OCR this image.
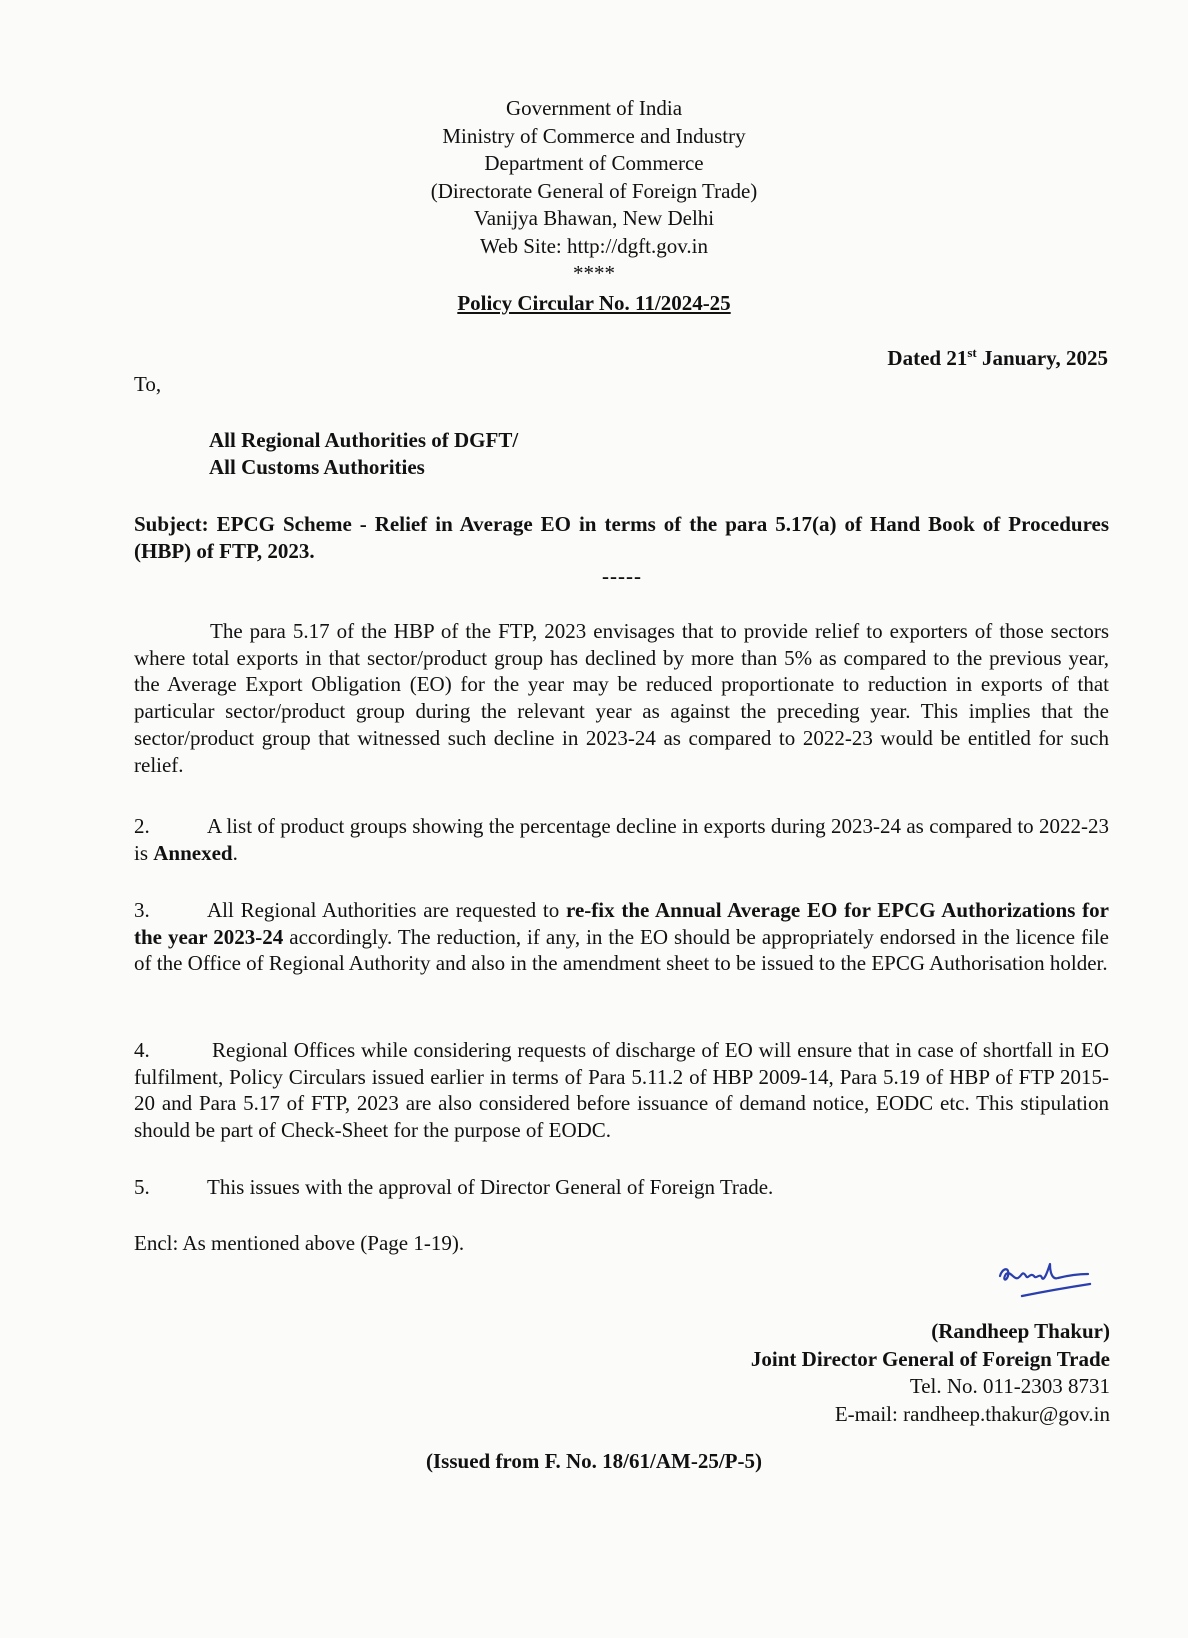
Government of India
Ministry of Commerce and Industry
Department of Commerce
(Directorate General of Foreign Trade)
Vanijya Bhawan, New Delhi
Web Site: http://dgft.gov.in
****
Policy Circular No. 11/2024-25
Dated 21st January, 2025
To,
All Regional Authorities of DGFT/
All Customs Authorities
Subject: EPCG Scheme - Relief in Average EO in terms of the para 5.17(a) of Hand Book of Procedures (HBP) of FTP, 2023.
-----
The para 5.17 of the HBP of the FTP, 2023 envisages that to provide relief to exporters of those sectors where total exports in that sector/product group has declined by more than 5% as compared to the previous year, the Average Export Obligation (EO) for the year may be reduced proportionate to reduction in exports of that particular sector/product group during the relevant year as against the preceding year. This implies that the sector/product group that witnessed such decline in 2023-24 as compared to 2022-23 would be entitled for such relief.
2.	A list of product groups showing the percentage decline in exports during 2023-24 as compared to 2022-23 is Annexed.
3.	All Regional Authorities are requested to re-fix the Annual Average EO for EPCG Authorizations for the year 2023-24 accordingly. The reduction, if any, in the EO should be appropriately endorsed in the licence file of the Office of Regional Authority and also in the amendment sheet to be issued to the EPCG Authorisation holder.
4.	Regional Offices while considering requests of discharge of EO will ensure that in case of shortfall in EO fulfilment, Policy Circulars issued earlier in terms of Para 5.11.2 of HBP 2009-14, Para 5.19 of HBP of FTP 2015-20 and Para 5.17 of FTP, 2023 are also considered before issuance of demand notice, EODC etc. This stipulation should be part of Check-Sheet for the purpose of EODC.
5.	This issues with the approval of Director General of Foreign Trade.
Encl: As mentioned above (Page 1-19).
(Randheep Thakur)
Joint Director General of Foreign Trade
Tel. No. 011-2303 8731
E-mail: randheep.thakur@gov.in
(Issued from F. No. 18/61/AM-25/P-5)
